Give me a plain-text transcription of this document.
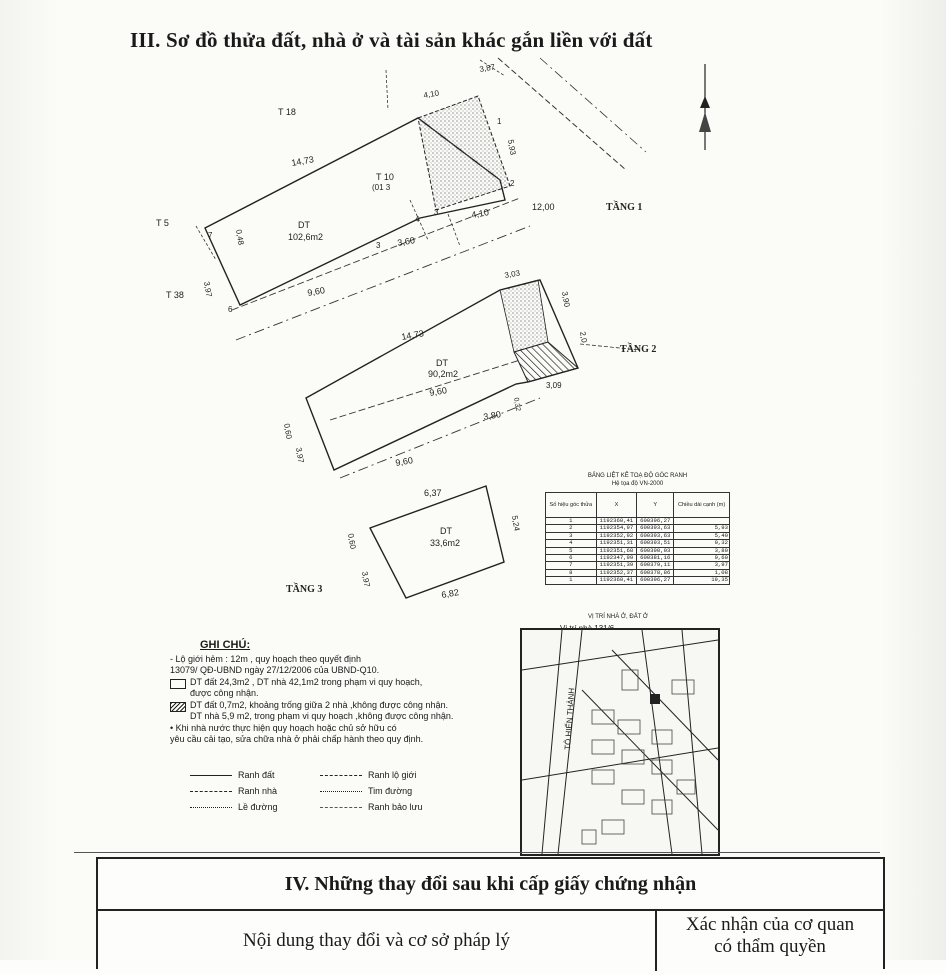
III. Sơ đồ thửa đất, nhà ở và tài sản khác gắn liền với đất
2
1
4
3
6
7
3
DT
102,6m2
T 18
T 10
(01 3
T 5
T 38
14,73
4,10
5,93
3,60
4,10
12,00
9,60
3,97
0,48
3,87
TẦNG 1
DT
90,2m2
14,73
3,03
3,90
2,0
9,60	3,09
3,80
0,32
9,60
0,60
3,97
TẦNG 2
DT
33,6m2
6,37
5,24
6,82
0,60
3,97
TẦNG 3
BẢNG LIỆT KÊ TOẠ ĐỘ GÓC RANH
Hệ tọa độ VN-2000
Số hiệu góc thửa	X	Y	Chiều dài cạnh (m)
1	1192360,41	600396,27	
2	1192354,97	600393,63	5,93
3	1192352,92	600393,63	5,40
4	1192351,31	600393,51	0,32
5	1192351,68	600390,03	3,80
6	1192347,99	600381,16	9,60
7	1192351,39	600379,11	3,97
8	1192352,37	600378,86	1,08
1	1192360,41	600396,27	19,35
VỊ TRÍ NHÀ Ở, ĐẤT Ở
TÔ HIẾN THÀNH
GHI CHÚ:
- Lộ giới hẻm : 12m , quy hoạch theo quyết định
13079/ QĐ-UBND ngày 27/12/2006 của UBND-Q10.
DT đất 24,3m2 , DT nhà 42,1m2 trong phạm vi quy hoạch,
được công nhận.
DT đất 0,7m2, khoảng trống giữa 2 nhà ,không được công nhận.
DT nhà 5,9 m2, trong phạm vi quy hoạch ,không được công nhận.
• Khi nhà nước thực hiện quy hoạch hoặc chủ sở hữu có
yêu cầu cải tạo, sửa chữa nhà ở phải chấp hành theo quy định.
Ranh đất
Ranh nhà
Lề đường
Ranh lộ giới
Tim đường
Ranh bảo lưu
IV. Những thay đổi sau khi cấp giấy chứng nhận
Nội dung thay đổi và cơ sở pháp lý
Xác nhận của cơ quan
có thẩm quyền
